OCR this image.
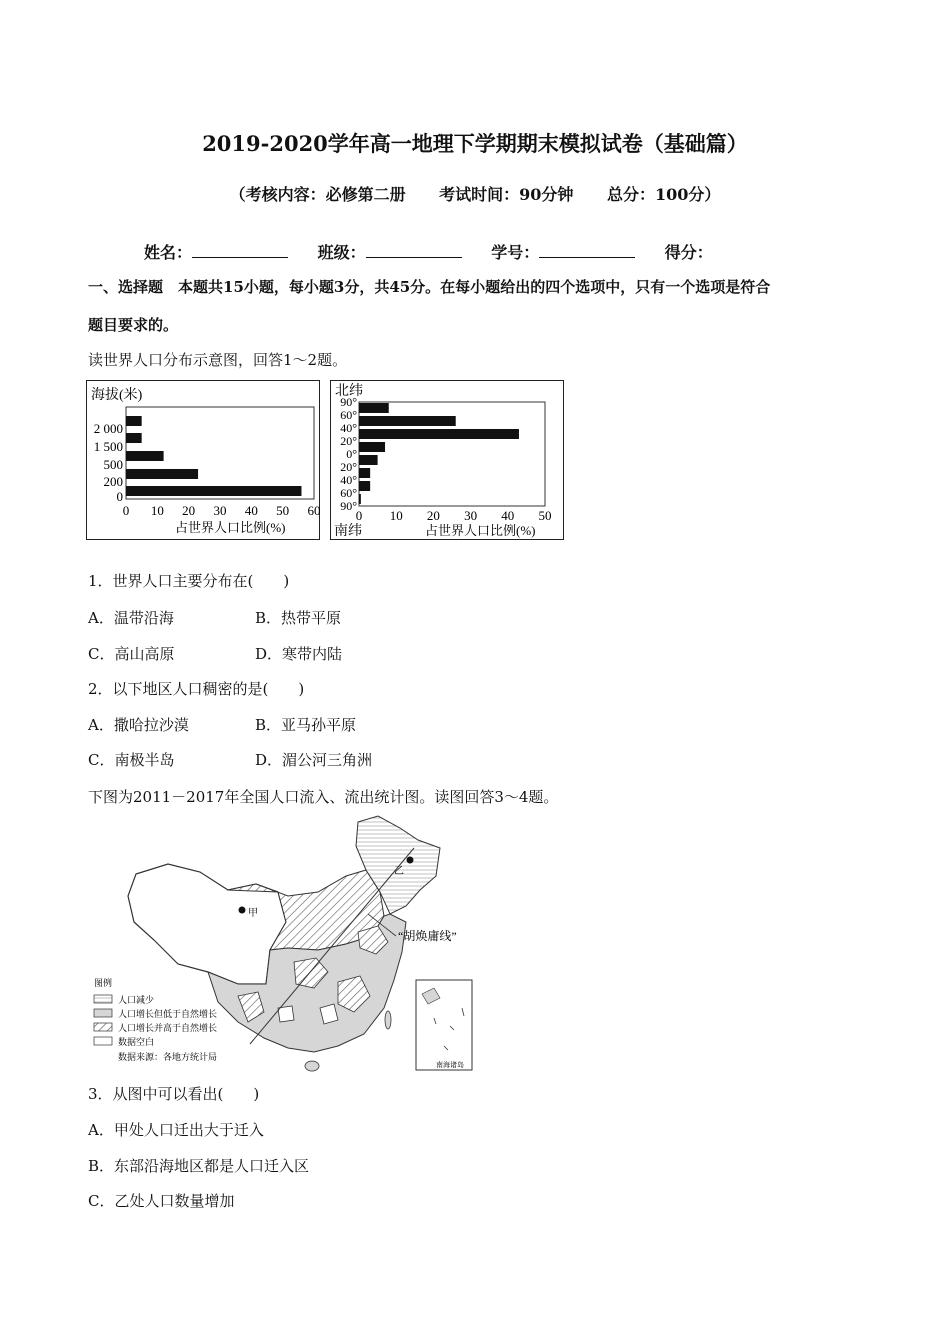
2019-2020学年高一地理下学期期末模拟试卷（基础篇）
（考核内容：必修第二册 考试时间：90分钟 总分：100分）
姓名：	班级：	学号：	得分：
一、选择题　本题共15小题，每小题3分，共45分。在每小题给出的四个选项中，只有一个选项是符合
题目要求的。
读世界人口分布示意图，回答1～2题。
海拔(米)
2 000
1 500
500
200
0
0 10 20 30 40 50 60
占世界人口比例(%)
北纬
90°
60°
40°
20°
0°
20°
40°
60°
90°
0 10 20 30 40 50
南纬	占世界人口比例(%)
1．世界人口主要分布在(　　)
A．温带沿海	B．热带平原
C．高山高原	D．寒带内陆
2．以下地区人口稠密的是(　　)
A．撒哈拉沙漠	B．亚马孙平原
C．南极半岛	D．湄公河三角洲
下图为2011－2017年全国人口流入、流出统计图。读图回答3～4题。
甲
乙
“胡焕庸线”
图例
人口减少
人口增长但低于自然增长
人口增长并高于自然增长
数据空白
数据来源：各地方统计局
南海诸岛
3．从图中可以看出(　　)
A．甲处人口迁出大于迁入
B．东部沿海地区都是人口迁入区
C．乙处人口数量增加
